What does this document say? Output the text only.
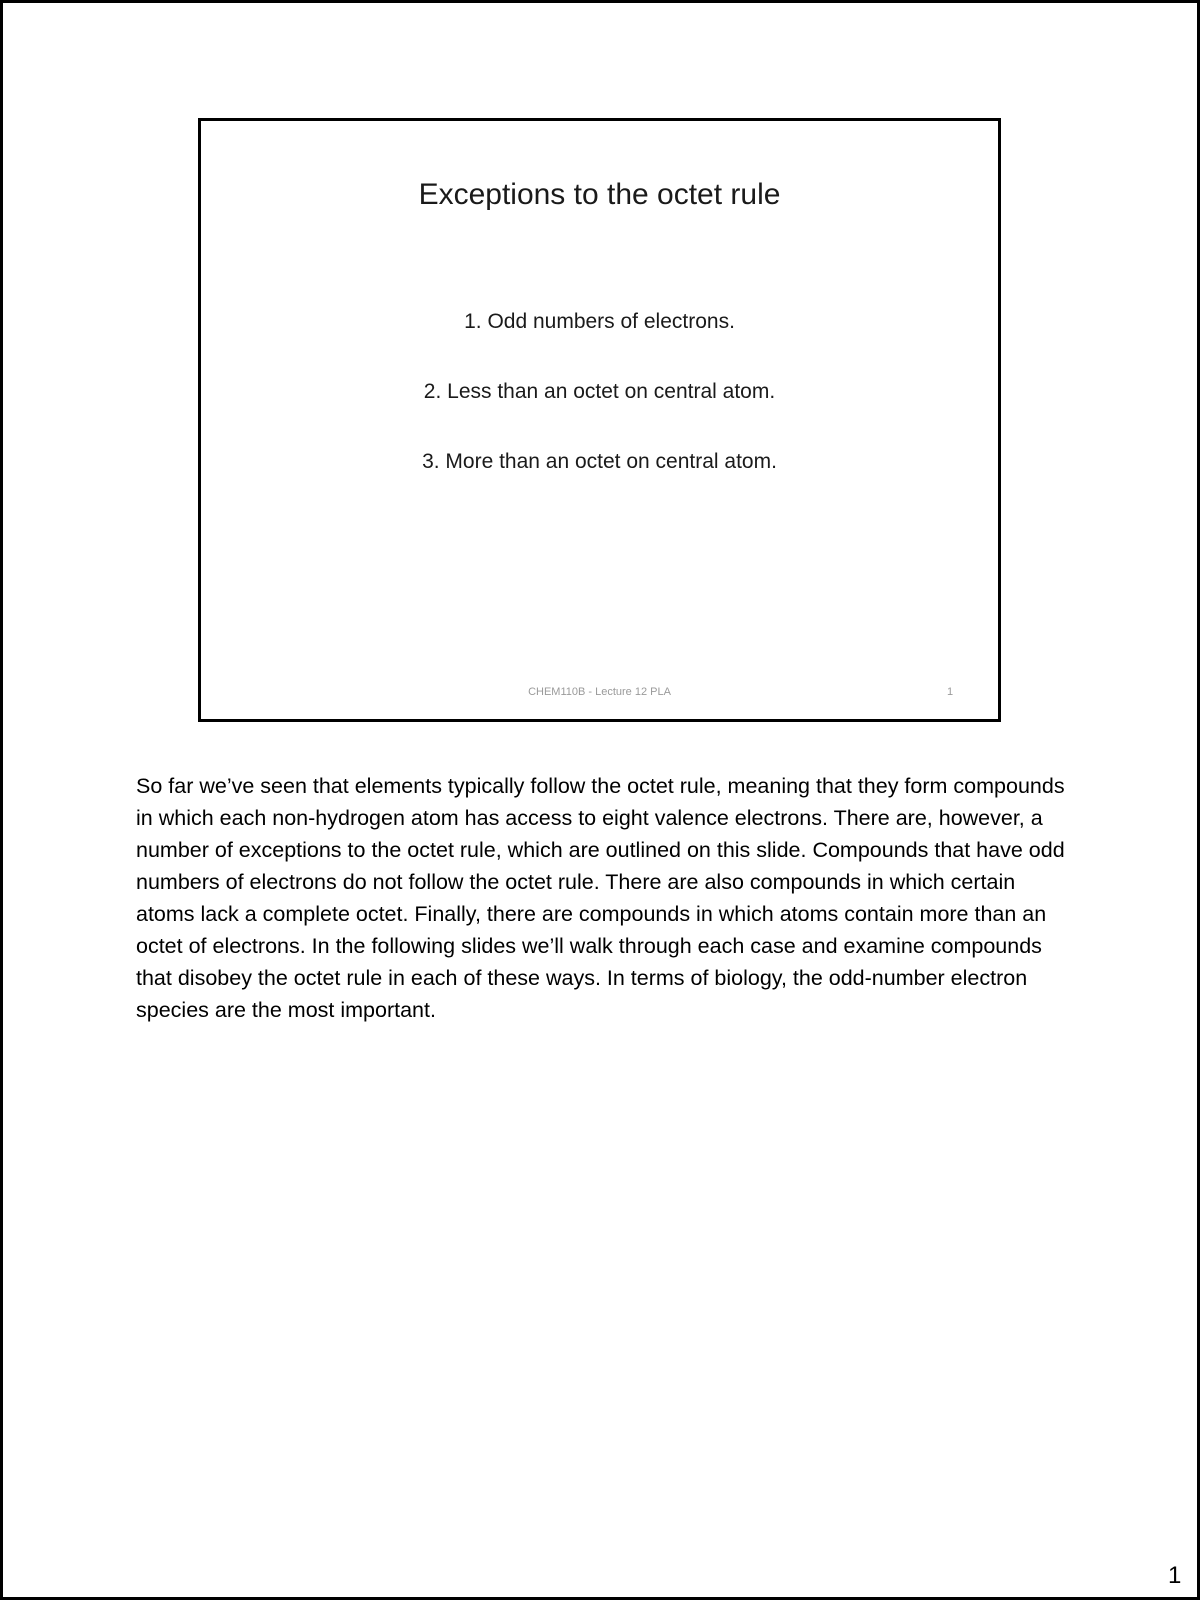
Exceptions to the octet rule
1. Odd numbers of electrons.
2. Less than an octet on central atom.
3. More than an octet on central atom.
CHEM110B - Lecture 12 PLA	1

So far we’ve seen that elements typically follow the octet rule, meaning that they form compounds in which each non-hydrogen atom has access to eight valence electrons. There are, however, a number of exceptions to the octet rule, which are outlined on this slide. Compounds that have odd numbers of electrons do not follow the octet rule. There are also compounds in which certain atoms lack a complete octet. Finally, there are compounds in which atoms contain more than an octet of electrons. In the following slides we’ll walk through each case and examine compounds that disobey the octet rule in each of these ways. In terms of biology, the odd-number electron species are the most important.

1
